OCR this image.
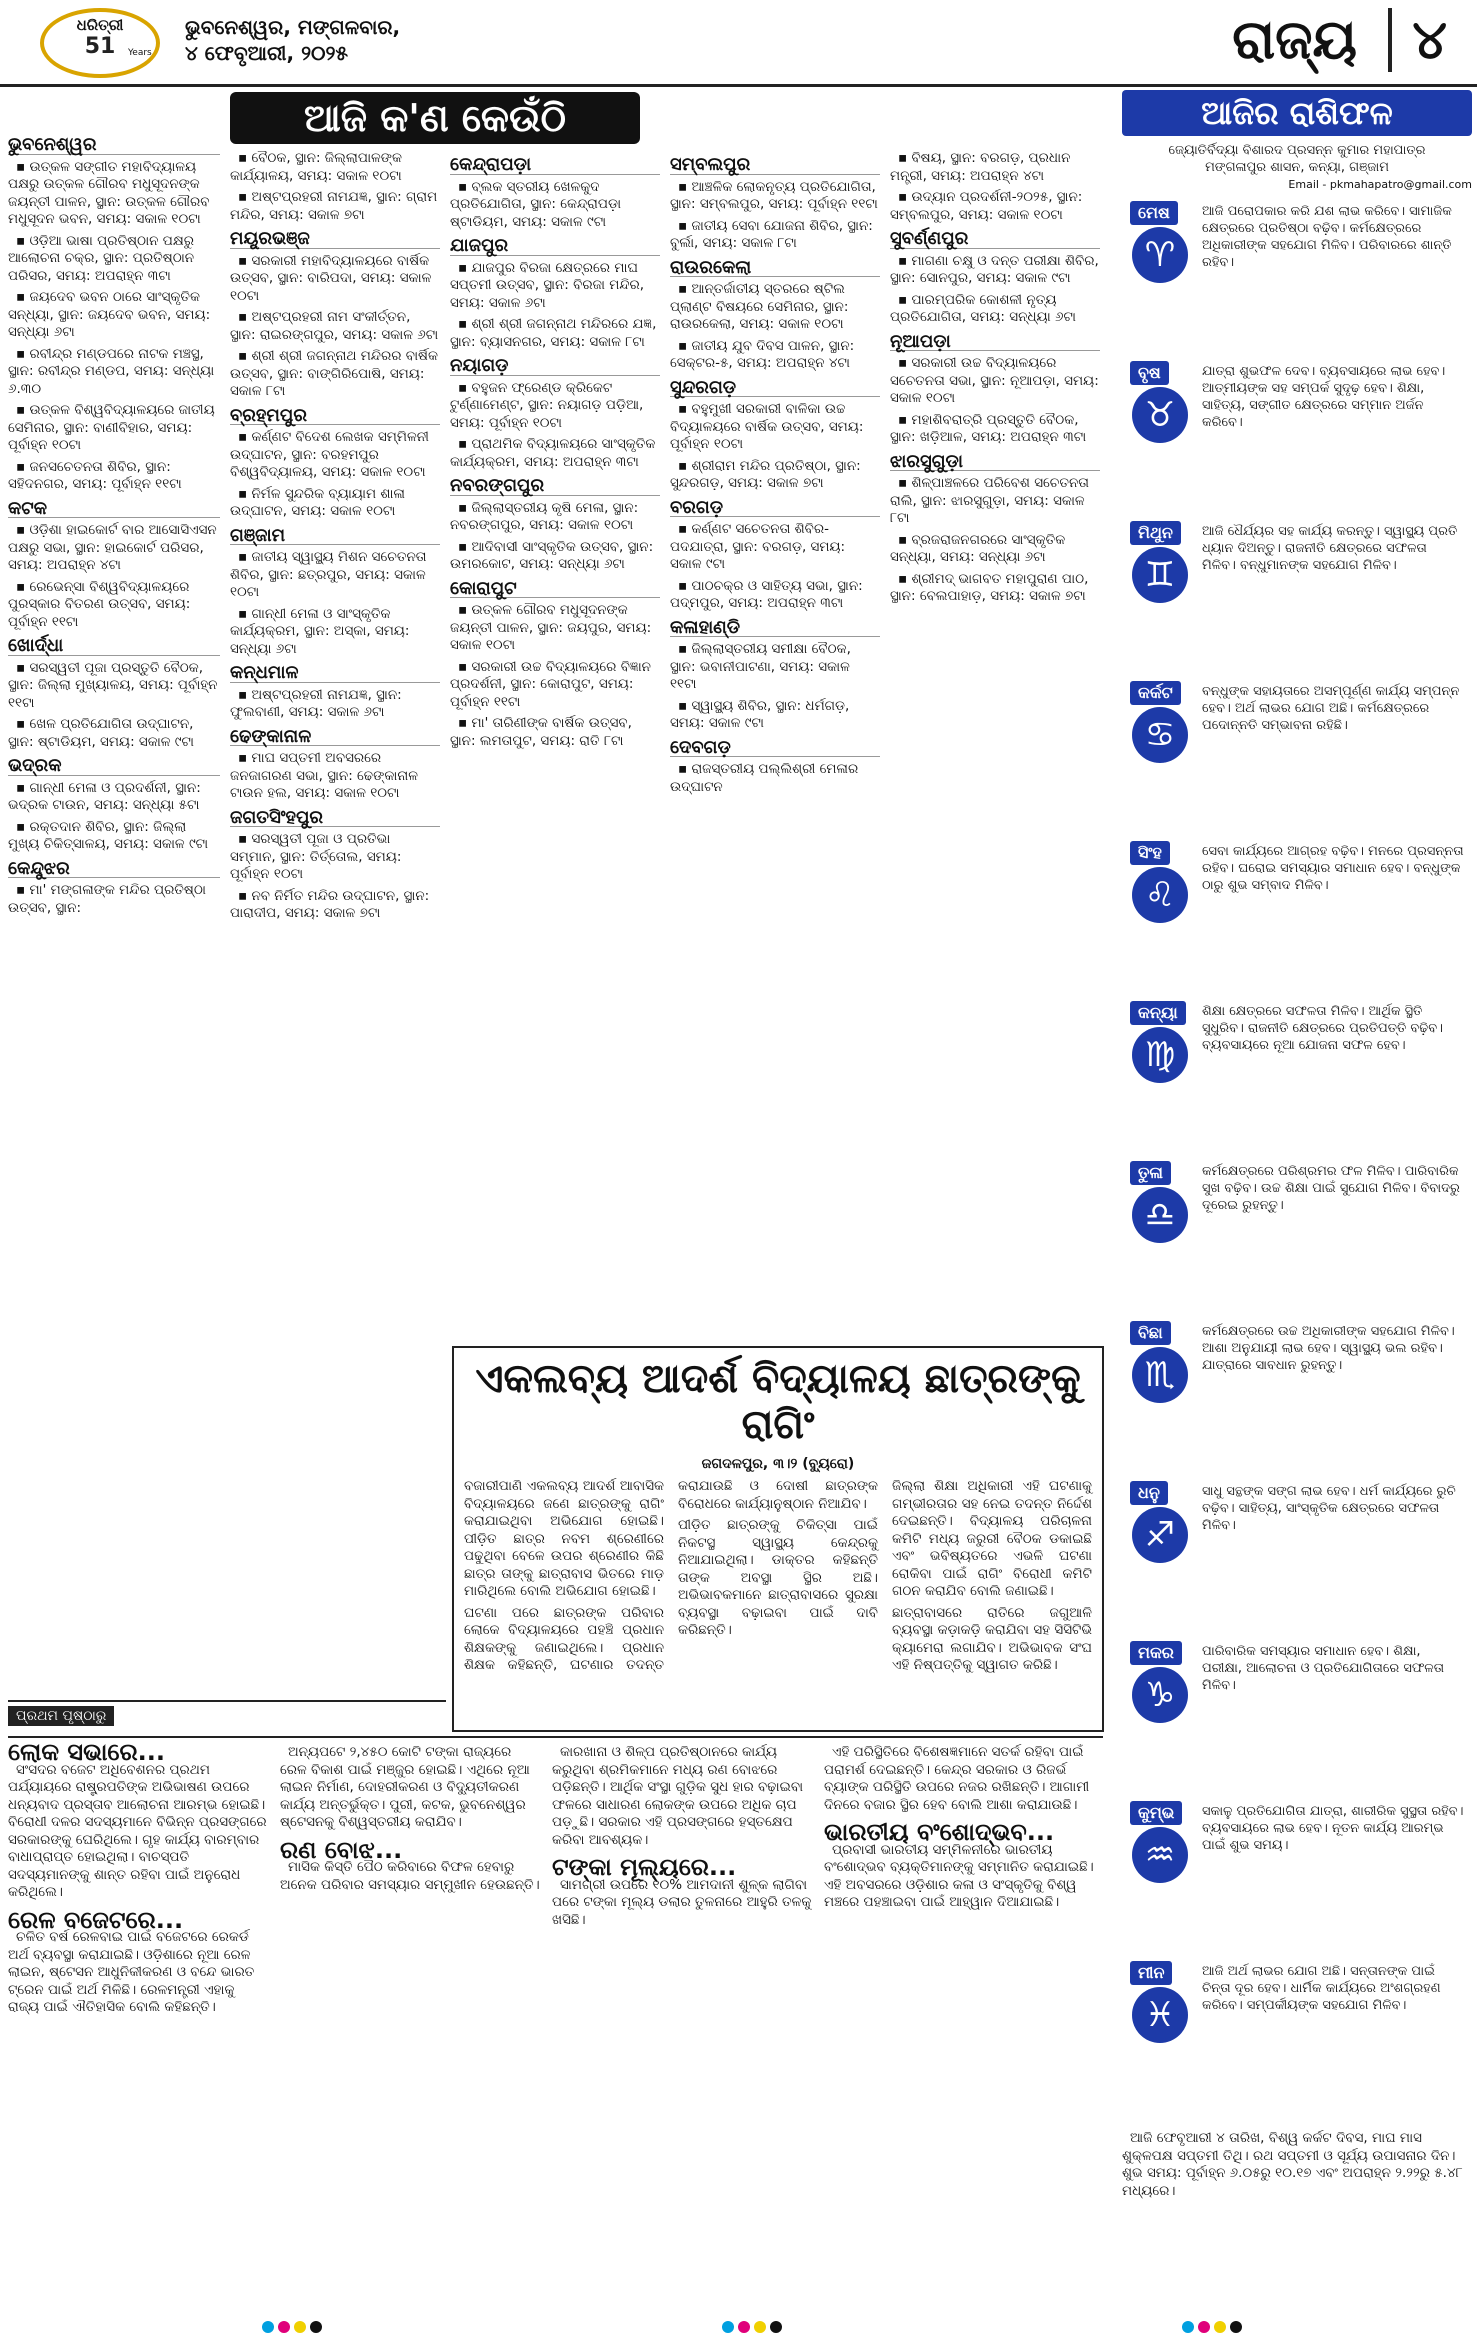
ଧରିତ୍ରୀ
51	Years
ଭୁବନେଶ୍ୱର, ମଙ୍ଗଳବାର,
୪ ଫେବୃଆରୀ, ୨୦୨୫	ରାଜ୍ୟ	୪
ଆଜି କ'ଣ କେଉଁଠି
ଭୁବନେଶ୍ୱର

▪ ଉତ୍କଳ ସଙ୍ଗୀତ ମହାବିଦ୍ୟାଳୟ ପକ୍ଷରୁ ଉତ୍କଳ ଗୌରବ ମଧୁସୂଦନଙ୍କ ଜୟନ୍ତୀ ପାଳନ, ସ୍ଥାନ: ଉତ୍କଳ ଗୌରବ ମଧୁସୂଦନ ଭବନ, ସମୟ: ସକାଳ ୧୦ଟା

▪ ଓଡ଼ିଆ ଭାଷା ପ୍ରତିଷ୍ଠାନ ପକ୍ଷରୁ ଆଲୋଚନା ଚକ୍ର, ସ୍ଥାନ: ପ୍ରତିଷ୍ଠାନ ପରିସର, ସମୟ: ଅପରାହ୍ନ ୩ଟା

▪ ଜୟଦେବ ଭବନ ଠାରେ ସାଂସ୍କୃତିକ ସନ୍ଧ୍ୟା, ସ୍ଥାନ: ଜୟଦେବ ଭବନ, ସମୟ: ସନ୍ଧ୍ୟା ୬ଟା

▪ ରବୀନ୍ଦ୍ର ମଣ୍ଡପରେ ନାଟକ ମଞ୍ଚସ୍ଥ, ସ୍ଥାନ: ରବୀନ୍ଦ୍ର ମଣ୍ଡପ, ସମୟ: ସନ୍ଧ୍ୟା ୬.୩୦

▪ ଉତ୍କଳ ବିଶ୍ୱବିଦ୍ୟାଳୟରେ ଜାତୀୟ ସେମିନାର, ସ୍ଥାନ: ବାଣୀବିହାର, ସମୟ: ପୂର୍ବାହ୍ନ ୧୦ଟା

▪ ଜନସଚେତନତା ଶିବିର, ସ୍ଥାନ: ସହିଦନଗର, ସମୟ: ପୂର୍ବାହ୍ନ ୧୧ଟା

କଟକ

▪ ଓଡ଼ିଶା ହାଇକୋର୍ଟ ବାର ଆସୋସିଏସନ ପକ୍ଷରୁ ସଭା, ସ୍ଥାନ: ହାଇକୋର୍ଟ ପରିସର, ସମୟ: ଅପରାହ୍ନ ୪ଟା

▪ ରେଭେନ୍ସା ବିଶ୍ୱବିଦ୍ୟାଳୟରେ ପୁରସ୍କାର ବିତରଣ ଉତ୍ସବ, ସମୟ: ପୂର୍ବାହ୍ନ ୧୧ଟା

ଖୋର୍ଦ୍ଧା

▪ ସରସ୍ୱତୀ ପୂଜା ପ୍ରସ୍ତୁତି ବୈଠକ, ସ୍ଥାନ: ଜିଲ୍ଲା ମୁଖ୍ୟାଳୟ, ସମୟ: ପୂର୍ବାହ୍ନ ୧୧ଟା

▪ ଖେଳ ପ୍ରତିଯୋଗିତା ଉଦ୍‌ଘାଟନ, ସ୍ଥାନ: ଷ୍ଟାଡିୟମ, ସମୟ: ସକାଳ ୯ଟା

ଭଦ୍ରକ

▪ ଗାନ୍ଧୀ ମେଳା ଓ ପ୍ରଦର୍ଶନୀ, ସ୍ଥାନ: ଭଦ୍ରକ ଟାଉନ, ସମୟ: ସନ୍ଧ୍ୟା ୫ଟା

▪ ରକ୍ତଦାନ ଶିବିର, ସ୍ଥାନ: ଜିଲ୍ଲା ମୁଖ୍ୟ ଚିକିତ୍ସାଳୟ, ସମୟ: ସକାଳ ୯ଟା

କେନ୍ଦୁଝର

▪ ମା' ମଙ୍ଗଳାଙ୍କ ମନ୍ଦିର ପ୍ରତିଷ୍ଠା ଉତ୍ସବ, ସ୍ଥାନ:

▪ ବୈଠକ, ସ୍ଥାନ: ଜିଲ୍ଲାପାଳଙ୍କ କାର୍ଯ୍ୟାଳୟ, ସମୟ: ସକାଳ ୧୦ଟା

▪ ଅଷ୍ଟପ୍ରହରୀ ନାମଯଜ୍ଞ, ସ୍ଥାନ: ଗ୍ରାମ ମନ୍ଦିର, ସମୟ: ସକାଳ ୭ଟା

ମୟୂରଭଞ୍ଜ

▪ ସରକାରୀ ମହାବିଦ୍ୟାଳୟରେ ବାର୍ଷିକ ଉତ୍ସବ, ସ୍ଥାନ: ବାରିପଦା, ସମୟ: ସକାଳ ୧୦ଟା

▪ ଅଷ୍ଟପ୍ରହରୀ ନାମ ସଂକୀର୍ତ୍ତନ, ସ୍ଥାନ: ରାଇରଙ୍ଗପୁର, ସମୟ: ସକାଳ ୬ଟା

▪ ଶ୍ରୀ ଶ୍ରୀ ଜଗନ୍ନାଥ ମନ୍ଦିରର ବାର୍ଷିକ ଉତ୍ସବ, ସ୍ଥାନ: ବାଙ୍ଗିରିପୋଷି, ସମୟ: ସକାଳ ୮ଟା

ବ୍ରହ୍ମପୁର

▪ କର୍ଣ୍ଣଟ ବିଦେଶ ଲେଖକ ସମ୍ମିଳନୀ ଉଦ୍‌ଘାଟନ, ସ୍ଥାନ: ବରହମପୁର ବିଶ୍ୱବିଦ୍ୟାଳୟ, ସମୟ: ସକାଳ ୧୦ଟା

▪ ନିର୍ମଳ ସୁନ୍ଦରିକ ବ୍ୟାୟାମ ଶାଳା ଉଦ୍‌ଘାଟନ, ସମୟ: ସକାଳ ୧୦ଟା

ଗଞ୍ଜାମ

▪ ଜାତୀୟ ସ୍ୱାସ୍ଥ୍ୟ ମିଶନ ସଚେତନତା ଶିବିର, ସ୍ଥାନ: ଛତ୍ରପୁର, ସମୟ: ସକାଳ ୧୦ଟା

▪ ଗାନ୍ଧୀ ମେଳା ଓ ସାଂସ୍କୃତିକ କାର୍ଯ୍ୟକ୍ରମ, ସ୍ଥାନ: ଅସ୍କା, ସମୟ: ସନ୍ଧ୍ୟା ୬ଟା

କନ୍ଧମାଳ

▪ ଅଷ୍ଟପ୍ରହରୀ ନାମଯଜ୍ଞ, ସ୍ଥାନ: ଫୁଲବାଣୀ, ସମୟ: ସକାଳ ୬ଟା

ଢେଙ୍କାନାଳ

▪ ମାଘ ସପ୍ତମୀ ଅବସରରେ ଜନଜାଗରଣ ସଭା, ସ୍ଥାନ: ଢେଙ୍କାନାଳ ଟାଉନ ହଲ, ସମୟ: ସକାଳ ୧୦ଟା

ଜଗତସିଂହପୁର

▪ ସରସ୍ୱତୀ ପୂଜା ଓ ପ୍ରତିଭା ସମ୍ମାନ, ସ୍ଥାନ: ତିର୍ତ୍ତୋଲ, ସମୟ: ପୂର୍ବାହ୍ନ ୧୦ଟା

▪ ନବ ନିର୍ମିତ ମନ୍ଦିର ଉଦ୍‌ଘାଟନ, ସ୍ଥାନ: ପାରାଦୀପ, ସମୟ: ସକାଳ ୭ଟା

କେନ୍ଦ୍ରାପଡ଼ା

▪ ବ୍ଲକ ସ୍ତରୀୟ ଖେଳକୁଦ ପ୍ରତିଯୋଗିତା, ସ୍ଥାନ: କେନ୍ଦ୍ରାପଡ଼ା ଷ୍ଟାଡିୟମ, ସମୟ: ସକାଳ ୯ଟା

ଯାଜପୁର

▪ ଯାଜପୁର ବିରଜା କ୍ଷେତ୍ରରେ ମାଘ ସପ୍ତମୀ ଉତ୍ସବ, ସ୍ଥାନ: ବିରଜା ମନ୍ଦିର, ସମୟ: ସକାଳ ୬ଟା

▪ ଶ୍ରୀ ଶ୍ରୀ ଜଗନ୍ନାଥ ମନ୍ଦିରରେ ଯଜ୍ଞ, ସ୍ଥାନ: ବ୍ୟାସନଗର, ସମୟ: ସକାଳ ୮ଟା

ନୟାଗଡ଼

▪ ବହୁଜନ ଫ୍ରେଣ୍ଡ କ୍ରିକେଟ ଟୁର୍ଣ୍ଣାମେଣ୍ଟ, ସ୍ଥାନ: ନୟାଗଡ଼ ପଡ଼ିଆ, ସମୟ: ପୂର୍ବାହ୍ନ ୧୦ଟା

▪ ପ୍ରାଥମିକ ବିଦ୍ୟାଳୟରେ ସାଂସ୍କୃତିକ କାର୍ଯ୍ୟକ୍ରମ, ସମୟ: ଅପରାହ୍ନ ୩ଟା

ନବରଙ୍ଗପୁର

▪ ଜିଲ୍ଲାସ୍ତରୀୟ କୃଷି ମେଳା, ସ୍ଥାନ: ନବରଙ୍ଗପୁର, ସମୟ: ସକାଳ ୧୦ଟା

▪ ଆଦିବାସୀ ସାଂସ୍କୃତିକ ଉତ୍ସବ, ସ୍ଥାନ: ଉମରକୋଟ, ସମୟ: ସନ୍ଧ୍ୟା ୬ଟା

କୋରାପୁଟ

▪ ଉତ୍କଳ ଗୌରବ ମଧୁସୂଦନଙ୍କ ଜୟନ୍ତୀ ପାଳନ, ସ୍ଥାନ: ଜୟପୁର, ସମୟ: ସକାଳ ୧୦ଟା

▪ ସରକାରୀ ଉଚ୍ଚ ବିଦ୍ୟାଳୟରେ ବିଜ୍ଞାନ ପ୍ରଦର୍ଶନୀ, ସ୍ଥାନ: କୋରାପୁଟ, ସମୟ: ପୂର୍ବାହ୍ନ ୧୧ଟା

▪ ମା' ତାରିଣୀଙ୍କ ବାର୍ଷିକ ଉତ୍ସବ, ସ୍ଥାନ: ଲମତାପୁଟ, ସମୟ: ରାତି ୮ଟା

ସମ୍ବଲପୁର

▪ ଆଞ୍ଚଳିକ ଲୋକନୃତ୍ୟ ପ୍ରତିଯୋଗିତା, ସ୍ଥାନ: ସମ୍ବଲପୁର, ସମୟ: ପୂର୍ବାହ୍ନ ୧୧ଟା

▪ ଜାତୀୟ ସେବା ଯୋଜନା ଶିବିର, ସ୍ଥାନ: ବୁର୍ଲା, ସମୟ: ସକାଳ ୮ଟା

ରାଉରକେଲା

▪ ଆନ୍ତର୍ଜାତୀୟ ସ୍ତରରେ ଷ୍ଟିଲ ପ୍ଲାଣ୍ଟ ବିଷୟରେ ସେମିନାର, ସ୍ଥାନ: ରାଉରକେଲା, ସମୟ: ସକାଳ ୧୦ଟା

▪ ଜାତୀୟ ଯୁବ ଦିବସ ପାଳନ, ସ୍ଥାନ: ସେକ୍ଟର-୫, ସମୟ: ଅପରାହ୍ନ ୪ଟା

ସୁନ୍ଦରଗଡ଼

▪ ବହୁମୁଖୀ ସରକାରୀ ବାଳିକା ଉଚ୍ଚ ବିଦ୍ୟାଳୟରେ ବାର୍ଷିକ ଉତ୍ସବ, ସମୟ: ପୂର୍ବାହ୍ନ ୧୦ଟା

▪ ଶ୍ରୀରାମ ମନ୍ଦିର ପ୍ରତିଷ୍ଠା, ସ୍ଥାନ: ସୁନ୍ଦରଗଡ଼, ସମୟ: ସକାଳ ୭ଟା

ବରଗଡ଼

▪ କର୍ଣ୍ଣଟ ସଚେତନତା ଶିବିର-ପଦଯାତ୍ରା, ସ୍ଥାନ: ବରଗଡ଼, ସମୟ: ସକାଳ ୯ଟା

▪ ପାଠଚକ୍ର ଓ ସାହିତ୍ୟ ସଭା, ସ୍ଥାନ: ପଦ୍ମପୁର, ସମୟ: ଅପରାହ୍ନ ୩ଟା

କଳାହାଣ୍ଡି

▪ ଜିଲ୍ଲାସ୍ତରୀୟ ସମୀକ୍ଷା ବୈଠକ, ସ୍ଥାନ: ଭବାନୀପାଟଣା, ସମୟ: ସକାଳ ୧୧ଟା

▪ ସ୍ୱାସ୍ଥ୍ୟ ଶିବିର, ସ୍ଥାନ: ଧର୍ମଗଡ଼, ସମୟ: ସକାଳ ୯ଟା

ଦେବଗଡ଼

▪ ରାଜସ୍ତରୀୟ ପଲ୍ଲିଶ୍ରୀ ମେଳାର ଉଦ୍‌ଘାଟନ

▪ ବିଷୟ, ସ୍ଥାନ: ବରଗଡ଼, ପ୍ରଧାନ ମନ୍ତ୍ରୀ, ସମୟ: ଅପରାହ୍ନ ୪ଟା

▪ ଉଦ୍ୟାନ ପ୍ରଦର୍ଶନୀ-୨୦୨୫, ସ୍ଥାନ: ସମ୍ବଲପୁର, ସମୟ: ସକାଳ ୧୦ଟା

ସୁବର୍ଣ୍ଣପୁର

▪ ମାଗଣା ଚକ୍ଷୁ ଓ ଦନ୍ତ ପରୀକ୍ଷା ଶିବିର, ସ୍ଥାନ: ସୋନପୁର, ସମୟ: ସକାଳ ୯ଟା

▪ ପାରମ୍ପରିକ କୋଶଳୀ ନୃତ୍ୟ ପ୍ରତିଯୋଗିତା, ସମୟ: ସନ୍ଧ୍ୟା ୬ଟା

ନୂଆପଡ଼ା

▪ ସରକାରୀ ଉଚ୍ଚ ବିଦ୍ୟାଳୟରେ ସଚେତନତା ସଭା, ସ୍ଥାନ: ନୂଆପଡ଼ା, ସମୟ: ସକାଳ ୧୦ଟା

▪ ମହାଶିବରାତ୍ରି ପ୍ରସ୍ତୁତି ବୈଠକ, ସ୍ଥାନ: ଖଡ଼ିଆଳ, ସମୟ: ଅପରାହ୍ନ ୩ଟା

ଝାରସୁଗୁଡ଼ା

▪ ଶିଳ୍ପାଞ୍ଚଳରେ ପରିବେଶ ସଚେତନତା ରାଲି, ସ୍ଥାନ: ଝାରସୁଗୁଡ଼ା, ସମୟ: ସକାଳ ୮ଟା

▪ ବ୍ରଜରାଜନଗରରେ ସାଂସ୍କୃତିକ ସନ୍ଧ୍ୟା, ସମୟ: ସନ୍ଧ୍ୟା ୬ଟା

▪ ଶ୍ରୀମଦ୍ ଭାଗବତ ମହାପୁରାଣ ପାଠ, ସ୍ଥାନ: ବେଲପାହାଡ଼, ସମୟ: ସକାଳ ୭ଟା

ଏକଲବ୍ୟ ଆଦର୍ଶ ବିଦ୍ୟାଳୟ ଛାତ୍ରଙ୍କୁ ରାଗିଂ
ଜଗଦଳପୁର, ୩।୨ (ବ୍ୟୁରୋ)

ବଜାରୀପାଣି ଏକଲବ୍ୟ ଆଦର୍ଶ ଆବାସିକ ବିଦ୍ୟାଳୟରେ ଜଣେ ଛାତ୍ରଙ୍କୁ ରାଗିଂ କରାଯାଇଥିବା ଅଭିଯୋଗ ହୋଇଛି। ପୀଡ଼ିତ ଛାତ୍ର ନବମ ଶ୍ରେଣୀରେ ପଢୁଥିବା ବେଳେ ଉପର ଶ୍ରେଣୀର କିଛି ଛାତ୍ର ତାଙ୍କୁ ଛାତ୍ରାବାସ ଭିତରେ ମାଡ଼ ମାରିଥିଲେ ବୋଲି ଅଭିଯୋଗ ହୋଇଛି।

ଘଟଣା ପରେ ଛାତ୍ରଙ୍କ ପରିବାର ଲୋକେ ବିଦ୍ୟାଳୟରେ ପହଞ୍ଚି ପ୍ରଧାନ ଶିକ୍ଷକଙ୍କୁ ଜଣାଇଥିଲେ। ପ୍ରଧାନ ଶିକ୍ଷକ କହିଛନ୍ତି, ଘଟଣାର ତଦନ୍ତ କରାଯାଉଛି ଓ ଦୋଷୀ ଛାତ୍ରଙ୍କ ବିରୋଧରେ କାର୍ଯ୍ୟାନୁଷ୍ଠାନ ନିଆଯିବ।

ପୀଡ଼ିତ ଛାତ୍ରଙ୍କୁ ଚିକିତ୍ସା ପାଇଁ ନିକଟସ୍ଥ ସ୍ୱାସ୍ଥ୍ୟ କେନ୍ଦ୍ରକୁ ନିଆଯାଇଥିଲା। ଡାକ୍ତର କହିଛନ୍ତି ତାଙ୍କ ଅବସ୍ଥା ସ୍ଥିର ଅଛି। ଅଭିଭାବକମାନେ ଛାତ୍ରାବାସରେ ସୁରକ୍ଷା ବ୍ୟବସ୍ଥା ବଢ଼ାଇବା ପାଇଁ ଦାବି କରିଛନ୍ତି।

ଜିଲ୍ଲା ଶିକ୍ଷା ଅଧିକାରୀ ଏହି ଘଟଣାକୁ ଗମ୍ଭୀରତାର ସହ ନେଇ ତଦନ୍ତ ନିର୍ଦ୍ଦେଶ ଦେଇଛନ୍ତି। ବିଦ୍ୟାଳୟ ପରିଚାଳନା କମିଟି ମଧ୍ୟ ଜରୁରୀ ବୈଠକ ଡକାଇଛି ଏବଂ ଭବିଷ୍ୟତରେ ଏଭଳି ଘଟଣା ରୋକିବା ପାଇଁ ରାଗିଂ ବିରୋଧୀ କମିଟି ଗଠନ କରାଯିବ ବୋଲି ଜଣାଇଛି।

ଛାତ୍ରାବାସରେ ରାତିରେ ଜଗୁଆଳି ବ୍ୟବସ୍ଥା କଡ଼ାକଡ଼ି କରାଯିବା ସହ ସିସିଟିଭି କ୍ୟାମେରା ଲଗାଯିବ। ଅଭିଭାବକ ସଂଘ ଏହି ନିଷ୍ପତ୍ତିକୁ ସ୍ୱାଗତ କରିଛି।

ଆଜିର ରାଶିଫଳ
ଜ୍ୟୋତିର୍ବିଦ୍ୟା ବିଶାରଦ ପ୍ରସନ୍ନ କୁମାର ମହାପାତ୍ର
ମଙ୍ଗଳାପୁର ଶାସନ, କନ୍ୟା, ଗଞ୍ଜାମ
Email - pkmahapatro@gmail.com
ମେଷ
♈
ଆଜି ପରୋପକାର କରି ଯଶ ଲାଭ କରିବେ। ସାମାଜିକ କ୍ଷେତ୍ରରେ ପ୍ରତିଷ୍ଠା ବଢ଼ିବ। କର୍ମକ୍ଷେତ୍ରରେ ଅଧିକାରୀଙ୍କ ସହଯୋଗ ମିଳିବ। ପରିବାରରେ ଶାନ୍ତି ରହିବ।
ବୃଷ
♉
ଯାତ୍ରା ଶୁଭଫଳ ଦେବ। ବ୍ୟବସାୟରେ ଲାଭ ହେବ। ଆତ୍ମୀୟଙ୍କ ସହ ସମ୍ପର୍କ ସୁଦୃଢ଼ ହେବ। ଶିକ୍ଷା, ସାହିତ୍ୟ, ସଙ୍ଗୀତ କ୍ଷେତ୍ରରେ ସମ୍ମାନ ଅର୍ଜନ କରିବେ।
ମିଥୁନ
♊
ଆଜି ଧୈର୍ଯ୍ୟର ସହ କାର୍ଯ୍ୟ କରନ୍ତୁ। ସ୍ୱାସ୍ଥ୍ୟ ପ୍ରତି ଧ୍ୟାନ ଦିଅନ୍ତୁ। ରାଜନୀତି କ୍ଷେତ୍ରରେ ସଫଳତା ମିଳିବ। ବନ୍ଧୁମାନଙ୍କ ସହଯୋଗ ମିଳିବ।
କର୍କଟ
♋
ବନ୍ଧୁଙ୍କ ସହାୟତାରେ ଅସମ୍ପୂର୍ଣ୍ଣ କାର୍ଯ୍ୟ ସମ୍ପନ୍ନ ହେବ। ଅର୍ଥ ଲାଭର ଯୋଗ ଅଛି। କର୍ମକ୍ଷେତ୍ରରେ ପଦୋନ୍ନତି ସମ୍ଭାବନା ରହିଛି।
ସିଂହ
♌
ସେବା କାର୍ଯ୍ୟରେ ଆଗ୍ରହ ବଢ଼ିବ। ମନରେ ପ୍ରସନ୍ନତା ରହିବ। ଘରୋଇ ସମସ୍ୟାର ସମାଧାନ ହେବ। ବନ୍ଧୁଙ୍କ ଠାରୁ ଶୁଭ ସମ୍ବାଦ ମିଳିବ।
କନ୍ୟା
♍
ଶିକ୍ଷା କ୍ଷେତ୍ରରେ ସଫଳତା ମିଳିବ। ଆର୍ଥିକ ସ୍ଥିତି ସୁଧୁରିବ। ରାଜନୀତି କ୍ଷେତ୍ରରେ ପ୍ରତିପତ୍ତି ବଢ଼ିବ। ବ୍ୟବସାୟରେ ନୂଆ ଯୋଜନା ସଫଳ ହେବ।
ତୁଳା
♎
କର୍ମକ୍ଷେତ୍ରରେ ପରିଶ୍ରମର ଫଳ ମିଳିବ। ପାରିବାରିକ ସୁଖ ବଢ଼ିବ। ଉଚ୍ଚ ଶିକ୍ଷା ପାଇଁ ସୁଯୋଗ ମିଳିବ। ବିବାଦରୁ ଦୂରେଇ ରୁହନ୍ତୁ।
ବିଛା
♏
କର୍ମକ୍ଷେତ୍ରରେ ଉଚ୍ଚ ଅଧିକାରୀଙ୍କ ସହଯୋଗ ମିଳିବ। ଆଶା ଅନୁଯାୟୀ ଲାଭ ହେବ। ସ୍ୱାସ୍ଥ୍ୟ ଭଲ ରହିବ। ଯାତ୍ରାରେ ସାବଧାନ ରୁହନ୍ତୁ।
ଧନୁ
♐
ସାଧୁ ସନ୍ଥଙ୍କ ସଙ୍ଗ ଲାଭ ହେବ। ଧର୍ମ କାର୍ଯ୍ୟରେ ରୁଚି ବଢ଼ିବ। ସାହିତ୍ୟ, ସାଂସ୍କୃତିକ କ୍ଷେତ୍ରରେ ସଫଳତା ମିଳିବ।
ମକର
♑
ପାରିବାରିକ ସମସ୍ୟାର ସମାଧାନ ହେବ। ଶିକ୍ଷା, ପରୀକ୍ଷା, ଆଲୋଚନା ଓ ପ୍ରତିଯୋଗିତାରେ ସଫଳତା ମିଳିବ।
କୁମ୍ଭ
♒
ସକାଳୁ ପ୍ରତିଯୋଗିତା ଯାତ୍ରା, ଶାରୀରିକ ସୁସ୍ଥତା ରହିବ। ବ୍ୟବସାୟରେ ଲାଭ ହେବ। ନୂତନ କାର୍ଯ୍ୟ ଆରମ୍ଭ ପାଇଁ ଶୁଭ ସମୟ।
ମୀନ
♓
ଆଜି ଅର୍ଥ ଲାଭର ଯୋଗ ଅଛି। ସନ୍ତାନଙ୍କ ପାଇଁ ଚିନ୍ତା ଦୂର ହେବ। ଧାର୍ମିକ କାର୍ଯ୍ୟରେ ଅଂଶଗ୍ରହଣ କରିବେ। ସମ୍ପର୍କୀୟଙ୍କ ସହଯୋଗ ମିଳିବ।
ପ୍ରଥମ ପୃଷ୍ଠାରୁ
ଲୋକ ସଭାରେ...

ସଂସଦର ବଜେଟ ଅଧିବେଶନର ପ୍ରଥମ ପର୍ଯ୍ୟାୟରେ ରାଷ୍ଟ୍ରପତିଙ୍କ ଅଭିଭାଷଣ ଉପରେ ଧନ୍ୟବାଦ ପ୍ରସ୍ତାବ ଆଲୋଚନା ଆରମ୍ଭ ହୋଇଛି। ବିରୋଧୀ ଦଳର ସଦସ୍ୟମାନେ ବିଭିନ୍ନ ପ୍ରସଙ୍ଗରେ ସରକାରଙ୍କୁ ଘେରିଥିଲେ। ଗୃହ କାର୍ଯ୍ୟ ବାରମ୍ବାର ବାଧାପ୍ରାପ୍ତ ହୋଇଥିଲା। ବାଚସ୍ପତି ସଦସ୍ୟମାନଙ୍କୁ ଶାନ୍ତ ରହିବା ପାଇଁ ଅନୁରୋଧ କରିଥିଲେ।

ରେଳ ବଜେଟରେ...

ଚଳିତ ବର୍ଷ ରେଳବାଇ ପାଇଁ ବଜେଟରେ ରେକର୍ଡ ଅର୍ଥ ବ୍ୟବସ୍ଥା କରାଯାଇଛି। ଓଡ଼ିଶାରେ ନୂଆ ରେଳ ଲାଇନ, ଷ୍ଟେସନ ଆଧୁନିକୀକରଣ ଓ ବନ୍ଦେ ଭାରତ ଟ୍ରେନ ପାଇଁ ଅର୍ଥ ମିଳିଛି। ରେଳମନ୍ତ୍ରୀ ଏହାକୁ ରାଜ୍ୟ ପାଇଁ ଐତିହାସିକ ବୋଲି କହିଛନ୍ତି।

ଅନ୍ୟପଟେ ୨,୪୫୦ କୋଟି ଟଙ୍କା ରାଜ୍ୟରେ ରେଳ ବିକାଶ ପାଇଁ ମଞ୍ଜୁର ହୋଇଛି। ଏଥିରେ ନୂଆ ଲାଇନ ନିର୍ମାଣ, ଦୋହରୀକରଣ ଓ ବିଦ୍ୟୁତୀକରଣ କାର୍ଯ୍ୟ ଅନ୍ତର୍ଭୁକ୍ତ। ପୁରୀ, କଟକ, ଭୁବନେଶ୍ୱର ଷ୍ଟେସନକୁ ବିଶ୍ୱସ୍ତରୀୟ କରାଯିବ।

ରଣ ବୋଝ...

ମାସିକ କିସ୍ତି ପୈଠ କରିବାରେ ବିଫଳ ହେବାରୁ ଅନେକ ପରିବାର ସମସ୍ୟାର ସମ୍ମୁଖୀନ ହେଉଛନ୍ତି।

କାରଖାନା ଓ ଶିଳ୍ପ ପ୍ରତିଷ୍ଠାନରେ କାର୍ଯ୍ୟ କରୁଥିବା ଶ୍ରମିକମାନେ ମଧ୍ୟ ରଣ ବୋଝରେ ପଡ଼ିଛନ୍ତି। ଆର୍ଥିକ ସଂସ୍ଥା ଗୁଡ଼ିକ ସୁଧ ହାର ବଢ଼ାଇବା ଫଳରେ ସାଧାରଣ ଲୋକଙ୍କ ଉପରେ ଅଧିକ ଚାପ ପଡ଼ୁଛି। ସରକାର ଏହି ପ୍ରସଙ୍ଗରେ ହସ୍ତକ୍ଷେପ କରିବା ଆବଶ୍ୟକ।

ଟଙ୍କା ମୂଲ୍ୟରେ...

ସାମଗ୍ରୀ ଉପରେ ୧୦% ଆମଦାନୀ ଶୁଳ୍କ ଲାଗିବା ପରେ ଟଙ୍କା ମୂଲ୍ୟ ଡଲାର ତୁଳନାରେ ଆହୁରି ତଳକୁ ଖସିଛି।

ଏହି ପରିସ୍ଥିତିରେ ବିଶେଷଜ୍ଞମାନେ ସତର୍କ ରହିବା ପାଇଁ ପରାମର୍ଶ ଦେଇଛନ୍ତି। କେନ୍ଦ୍ର ସରକାର ଓ ରିଜର୍ଭ ବ୍ୟାଙ୍କ ପରିସ୍ଥିତି ଉପରେ ନଜର ରଖିଛନ୍ତି। ଆଗାମୀ ଦିନରେ ବଜାର ସ୍ଥିର ହେବ ବୋଲି ଆଶା କରାଯାଉଛି।

ଭାରତୀୟ ବଂଶୋଦ୍ଭବ...

ପ୍ରବାସୀ ଭାରତୀୟ ସମ୍ମିଳନୀରେ ଭାରତୀୟ ବଂଶୋଦ୍ଭବ ବ୍ୟକ୍ତିମାନଙ୍କୁ ସମ୍ମାନିତ କରାଯାଇଛି। ଏହି ଅବସରରେ ଓଡ଼ିଶାର କଳା ଓ ସଂସ୍କୃତିକୁ ବିଶ୍ୱ ମଞ୍ଚରେ ପହଞ୍ଚାଇବା ପାଇଁ ଆହ୍ୱାନ ଦିଆଯାଇଛି।

ଆଜି ଫେବୃଆରୀ ୪ ତାରିଖ, ବିଶ୍ୱ କର୍କଟ ଦିବସ, ମାଘ ମାସ ଶୁକ୍ଳପକ୍ଷ ସପ୍ତମୀ ତିଥି। ରଥ ସପ୍ତମୀ ଓ ସୂର୍ଯ୍ୟ ଉପାସନାର ଦିନ। ଶୁଭ ସମୟ: ପୂର୍ବାହ୍ନ ୬.୦୫ରୁ ୧୦.୧୭ ଏବଂ ଅପରାହ୍ନ ୨.୨୨ରୁ ୫.୪୮ ମଧ୍ୟରେ।
